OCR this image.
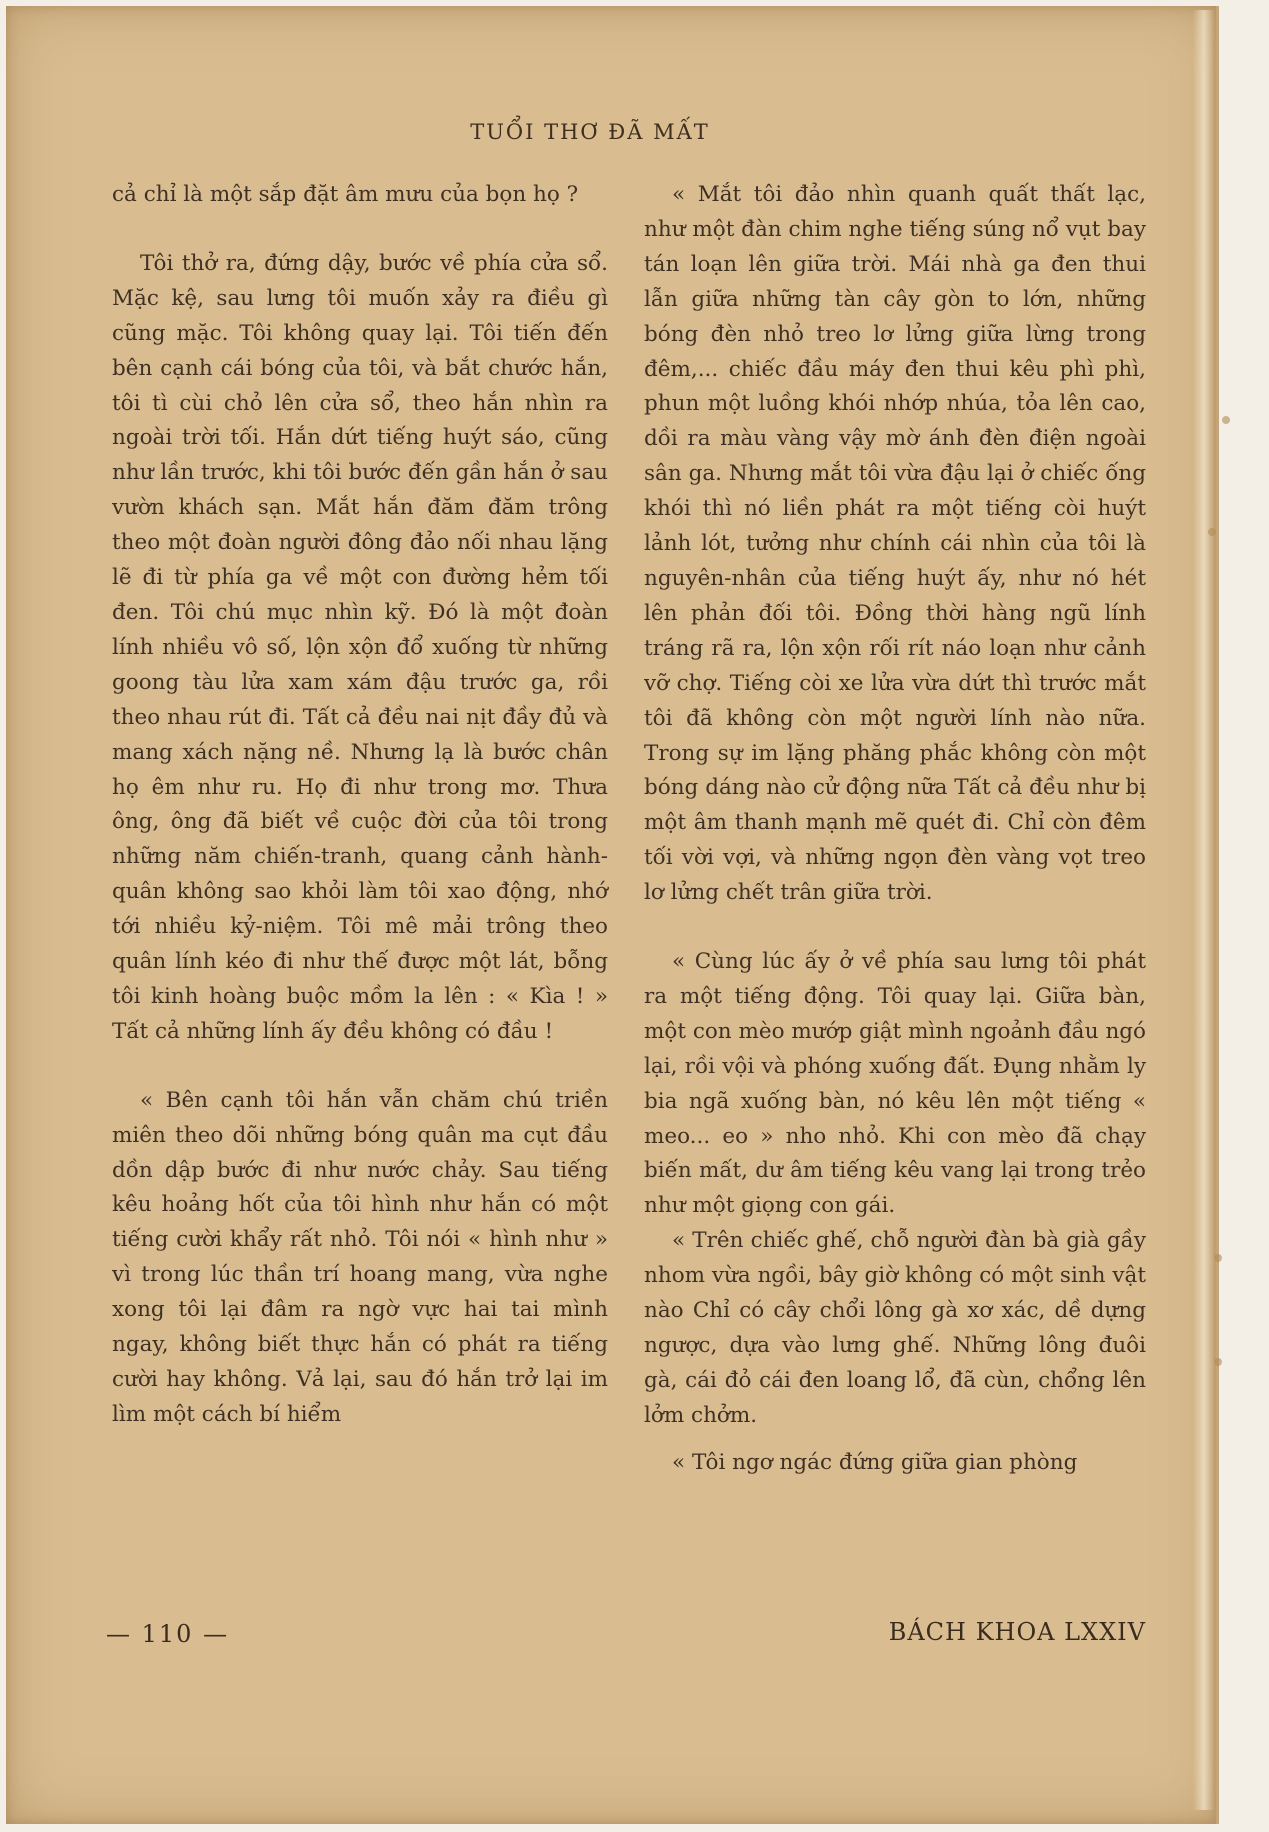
TUỔI THƠ ĐÃ MẤT

cả chỉ là một sắp đặt âm mưu của bọn họ ?

Tôi thở ra, đứng dậy, bước về phía cửa sổ. Mặc kệ, sau lưng tôi muốn xảy ra điều gì cũng mặc. Tôi không quay lại. Tôi tiến đến bên cạnh cái bóng của tôi, và bắt chước hắn, tôi tì cùi chỏ lên cửa sổ, theo hắn nhìn ra ngoài trời tối. Hắn dứt tiếng huýt sáo, cũng như lần trước, khi tôi bước đến gần hắn ở sau vườn khách sạn. Mắt hắn đăm đăm trông theo một đoàn người đông đảo nối nhau lặng lẽ đi từ phía ga về một con đường hẻm tối đen. Tôi chú mục nhìn kỹ. Đó là một đoàn lính nhiều vô số, lộn xộn đổ xuống từ những goong tàu lửa xam xám đậu trước ga, rồi theo nhau rút đi. Tất cả đều nai nịt đầy đủ và mang xách nặng nề. Nhưng lạ là bước chân họ êm như ru. Họ đi như trong mơ. Thưa ông, ông đã biết về cuộc đời của tôi trong những năm chiến-tranh, quang cảnh hành-quân không sao khỏi làm tôi xao động, nhớ tới nhiều kỷ-niệm. Tôi mê mải trông theo quân lính kéo đi như thế được một lát, bỗng tôi kinh hoàng buộc mồm la lên : « Kìa ! » Tất cả những lính ấy đều không có đầu !

« Bên cạnh tôi hắn vẫn chăm chú triền miên theo dõi những bóng quân ma cụt đầu dồn dập bước đi như nước chảy. Sau tiếng kêu hoảng hốt của tôi hình như hắn có một tiếng cười khẩy rất nhỏ. Tôi nói « hình như » vì trong lúc thần trí hoang mang, vừa nghe xong tôi lại đâm ra ngờ vực hai tai mình ngay, không biết thực hắn có phát ra tiếng cười hay không. Vả lại, sau đó hắn trở lại im lìm một cách bí hiểm

« Mắt tôi đảo nhìn quanh quất thất lạc, như một đàn chim nghe tiếng súng nổ vụt bay tán loạn lên giữa trời. Mái nhà ga đen thui lẫn giữa những tàn cây gòn to lớn, những bóng đèn nhỏ treo lơ lửng giữa lừng trong đêm,... chiếc đầu máy đen thui kêu phì phì, phun một luồng khói nhớp nhúa, tỏa lên cao, dồi ra màu vàng vậy mờ ánh đèn điện ngoài sân ga. Nhưng mắt tôi vừa đậu lại ở chiếc ống khói thì nó liền phát ra một tiếng còi huýt lảnh lót, tưởng như chính cái nhìn của tôi là nguyên-nhân của tiếng huýt ấy, như nó hét lên phản đối tôi. Đồng thời hàng ngũ lính tráng rã ra, lộn xộn rối rít náo loạn như cảnh vỡ chợ. Tiếng còi xe lửa vừa dứt thì trước mắt tôi đã không còn một người lính nào nữa. Trong sự im lặng phăng phắc không còn một bóng dáng nào cử động nữa Tất cả đều như bị một âm thanh mạnh mẽ quét đi. Chỉ còn đêm tối vời vợi, và những ngọn đèn vàng vọt treo lơ lửng chết trân giữa trời.

« Cùng lúc ấy ở về phía sau lưng tôi phát ra một tiếng động. Tôi quay lại. Giữa bàn, một con mèo mướp giật mình ngoảnh đầu ngó lại, rồi vội và phóng xuống đất. Đụng nhằm ly bia ngã xuống bàn, nó kêu lên một tiếng « meo... eo » nho nhỏ. Khi con mèo đã chạy biến mất, dư âm tiếng kêu vang lại trong trẻo như một giọng con gái.

« Trên chiếc ghế, chỗ người đàn bà già gầy nhom vừa ngồi, bây giờ không có một sinh vật nào Chỉ có cây chổi lông gà xơ xác, dề dựng ngược, dựa vào lưng ghế. Những lông đuôi gà, cái đỏ cái đen loang lổ, đã cùn, chổng lên lởm chởm.

« Tôi ngơ ngác đứng giữa gian phòng

— 110 —	BÁCH KHOA LXXIV
